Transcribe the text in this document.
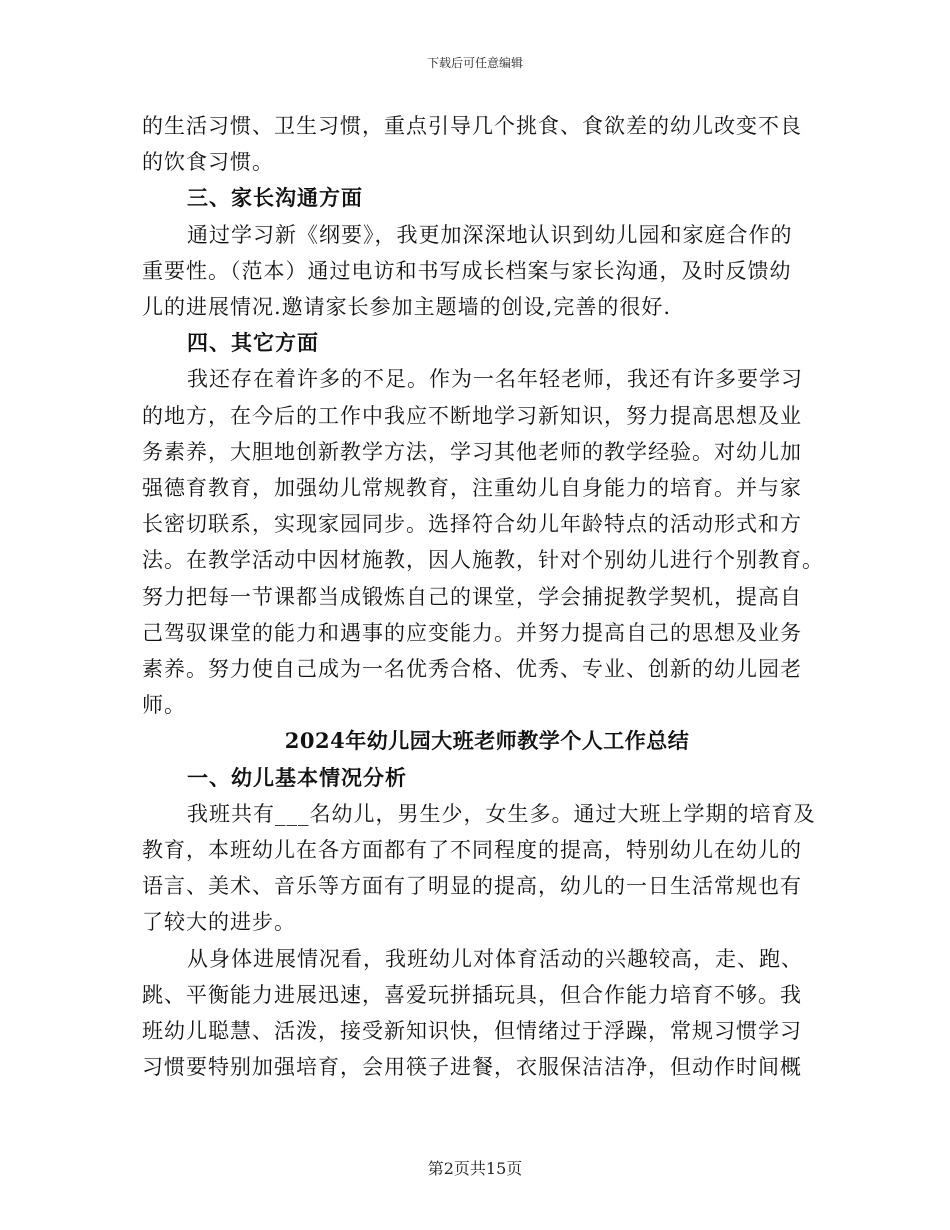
下载后可任意编辑
的生活习惯、卫生习惯，重点引导几个挑食、食欲差的幼儿改变不良
的饮食习惯。
三、家长沟通方面
通过学习新《纲要》，我更加深深地认识到幼儿园和家庭合作的
重要性。（范本）通过电访和书写成长档案与家长沟通，及时反馈幼
儿的进展情况.邀请家长参加主题墙的创设,完善的很好.
四、其它方面
我还存在着许多的不足。作为一名年轻老师，我还有许多要学习
的地方，在今后的工作中我应不断地学习新知识，努力提高思想及业
务素养，大胆地创新教学方法，学习其他老师的教学经验。对幼儿加
强德育教育，加强幼儿常规教育，注重幼儿自身能力的培育。并与家
长密切联系，实现家园同步。选择符合幼儿年龄特点的活动形式和方
法。在教学活动中因材施教，因人施教，针对个别幼儿进行个别教育。
努力把每一节课都当成锻炼自己的课堂，学会捕捉教学契机，提高自
己驾驭课堂的能力和遇事的应变能力。并努力提高自己的思想及业务
素养。努力使自己成为一名优秀合格、优秀、专业、创新的幼儿园老
师。
2024年幼儿园大班老师教学个人工作总结
一、幼儿基本情况分析
我班共有___名幼儿，男生少，女生多。通过大班上学期的培育及
教育，本班幼儿在各方面都有了不同程度的提高，特别幼儿在幼儿的
语言、美术、音乐等方面有了明显的提高，幼儿的一日生活常规也有
了较大的进步。
从身体进展情况看，我班幼儿对体育活动的兴趣较高，走、跑、
跳、平衡能力进展迅速，喜爱玩拼插玩具，但合作能力培育不够。我
班幼儿聪慧、活泼，接受新知识快，但情绪过于浮躁，常规习惯学习
习惯要特别加强培育，会用筷子进餐，衣服保洁洁净，但动作时间概
第2页共15页
